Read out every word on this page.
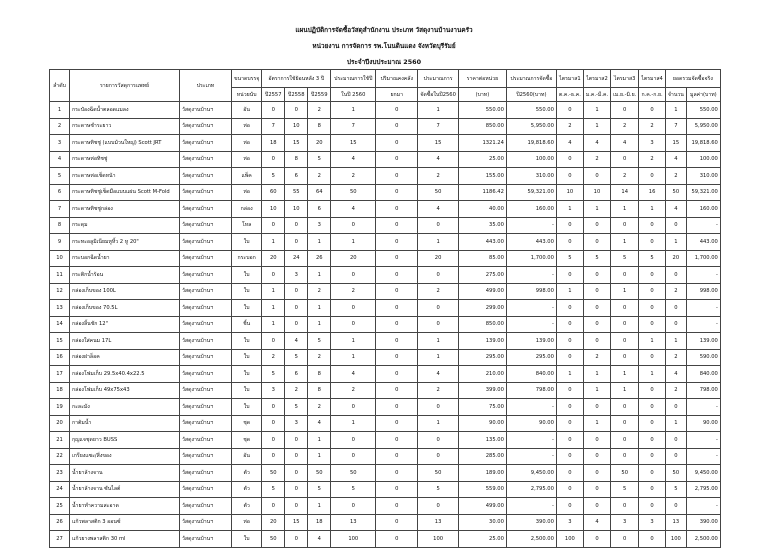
แผนปฏิบัติการจัดซื้อวัสดุสำนักงาน ประเภท วัสดุงานบ้านงานครัว
หน่วยงาน การจัดการ รพ.โนนดินแดง จังหวัดบุรีรัมย์
ประจำปีงบประมาณ 2560
ลำดับ	รายการวัสดุการแพทย์	ประเภท	ขนาดบรรจุ	อัตราการใช้ย้อนหลัง 3 ปี			ประมาณการใช้ปี	ปริมาณคงคลัง	ประมาณการ	ราคาต่อหน่วย	ประมาณการจัดซื้อ	ไตรมาส1	ไตรมาส2	ไตรมาส3	ไตรมาส4	ยอดรวมจัดซื้อจริง	
			หน่วยนับ	ปี2557	ปี2558	ปี2559	ในปี 2560	ยกมา	จัดซื้อในปี2560	(บาท)	ปี2560(บาท)	ต.ค.-ธ.ค.	ม.ค.-มี.ค.	เม.ย.-มิ.ย.	ก.ค.-ก.ย.	จำนวน	มูลค่า(บาท)
1	กระป๋องฉีดน้ำตลอดแมลง	วัสดุงานบ้านฯ	อัน	0	0	2	1	0	1	550.00	550.00	0	1	0	0	1	550.00
2	กระดาษชำระยาว	วัสดุงานบ้านฯ	ห่อ	7	10	8	7	0	7	850.00	5,950.00	2	1	2	2	7	5,950.00
3	กระดาษทิชชู่ (แบบม้วนใหญ่) Scott JRT	วัสดุงานบ้านฯ	ห่อ	18	15	20	15	0	15	1321.24	19,818.60	4	4	4	3	15	19,818.60
4	กระดาษห่อทิชชู่	วัสดุงานบ้านฯ	ห่อ	0	8	5	4	0	4	25.00	100.00	0	2	0	2	4	100.00
5	กระดาษห่อเช็ดหน้า	วัสดุงานบ้านฯ	แพ็ค	5	6	2	2	0	2	155.00	310.00	0	0	2	0	2	310.00
6	กระดาษทิชชู่เช็ดมือแบบแผ่น Scott M-Fold	วัสดุงานบ้านฯ	ห่อ	60	55	64	50	0	50	1186.42	59,321.00	10	10	14	16	50	59,321.00
7	กระดาษทิชชู่กล่อง	วัสดุงานบ้านฯ	กล่อง	10	10	6	4	0	4	40.00	160.00	1	1	1	1	4	160.00
8	กระดุม	วัสดุงานบ้านฯ	โหล	0	0	3	0	0	0	35.00	-	0	0	0	0	0	-
9	กระทะอลูมิเนียมหูหิ้ว 2 หู 20"	วัสดุงานบ้านฯ	ใบ	1	0	1	1	0	1	443.00	443.00	0	0	1	0	1	443.00
10	กระบอกฉีดน้ำยา	วัสดุงานบ้านฯ	กระบอก	20	24	26	20	0	20	85.00	1,700.00	5	5	5	5	20	1,700.00
11	กระติกน้ำร้อน	วัสดุงานบ้านฯ	ใบ	0	3	1	0	0	0	275.00	-	0	0	0	0	0	-
12	กล่องเก็บของ 100L	วัสดุงานบ้านฯ	ใบ	1	0	2	2	0	2	499.00	998.00	1	0	1	0	2	998.00
13	กล่องเก็บของ 70.5L	วัสดุงานบ้านฯ	ใบ	1	0	1	0	0	0	299.00	-	0	0	0	0	0	-
14	กล่องลิ้นชัก 12"	วัสดุงานบ้านฯ	ชิ้น	1	0	1	0	0	0	850.00	-	0	0	0	0	0	-
15	กล่องใส่คนม 17L	วัสดุงานบ้านฯ	ใบ	0	4	5	1	0	1	139.00	139.00	0	0	0	1	1	139.00
16	กล่องฝาล็อค	วัสดุงานบ้านฯ	ใบ	2	5	2	1	0	1	295.00	295.00	0	2	0	0	2	590.00
17	กล่องโฟมเก็บ 29.5x40.4x22.5	วัสดุงานบ้านฯ	ใบ	5	6	8	4	0	4	210.00	840.00	1	1	1	1	4	840.00
18	กล่องโฟมเก็บ 49x75x43	วัสดุงานบ้านฯ	ใบ	3	2	8	2	0	2	399.00	798.00	0	1	1	0	2	798.00
19	กะละมัง	วัสดุงานบ้านฯ	ใบ	0	5	2	0	0	0	75.00	-	0	0	0	0	0	-
20	กาต้มน้ำ	วัสดุงานบ้านฯ	ชุด	0	3	4	1	0	1	90.00	90.00	0	1	0	0	1	90.00
21	กุญแจชุดยาว BUSS	วัสดุงานบ้านฯ	ชุด	0	0	1	0	0	0	135.00	-	0	0	0	0	0	-
22	เกรียงแซะ/สิ่งของ	วัสดุงานบ้านฯ	อัน	0	0	1	0	0	0	285.00	-	0	0	0	0	0	-
23	น้ำยาล้างจาน	วัสดุงานบ้านฯ	ตัว	50	0	50	50	0	50	189.00	9,450.00	0	0	50	0	50	9,450.00
24	น้ำยาล้างจาน ซันไลต์	วัสดุงานบ้านฯ	ตัว	5	0	5	5	0	5	559.00	2,795.00	0	0	5	0	5	2,795.00
25	น้ำยาทำความสะอาด	วัสดุงานบ้านฯ	ตัว	0	0	1	0	0	0	499.00	-	0	0	0	0	0	-
26	แก้วพลาสติก 3 ออนซ์	วัสดุงานบ้านฯ	ห่อ	20	15	18	13	0	13	30.00	390.00	3	4	3	3	13	390.00
27	แก้วยางพลาสติก 30 ml	วัสดุงานบ้านฯ	ใบ	50	0	4	100	0	100	25.00	2,500.00	100	0	0	0	100	2,500.00
